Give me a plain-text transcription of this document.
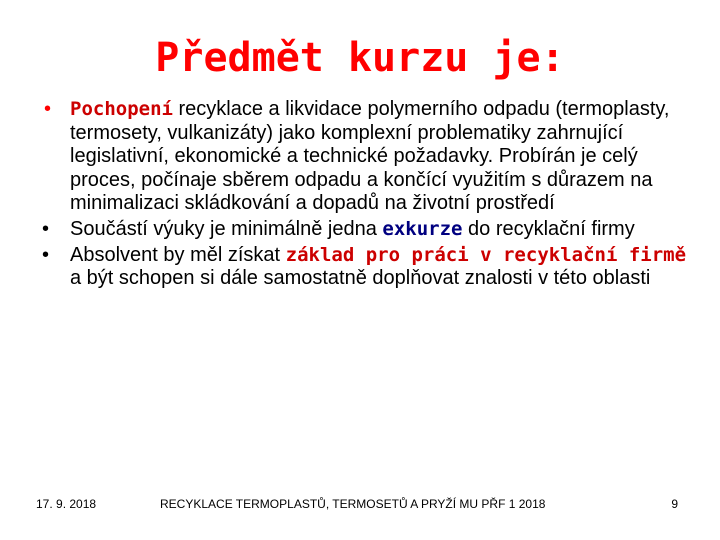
Předmět kurzu je:
• Pochopení recyklace a likvidace polymerního odpadu (termoplasty, termosety, vulkanizáty) jako komplexní problematiky zahrnující legislativní, ekonomické a technické požadavky. Probírán je celý proces, počínaje sběrem odpadu a končící využitím s důrazem na minimalizaci skládkování a dopadů na životní prostředí
• Součástí výuky je minimálně jedna exkurze do recyklační firmy
• Absolvent by měl získat základ pro práci v recyklační firmě a být schopen si dále samostatně doplňovat znalosti v této oblasti
17. 9. 2018	RECYKLACE TERMOPLASTŮ, TERMOSETŮ A PRYŽÍ MU PŘF 1 2018	9
